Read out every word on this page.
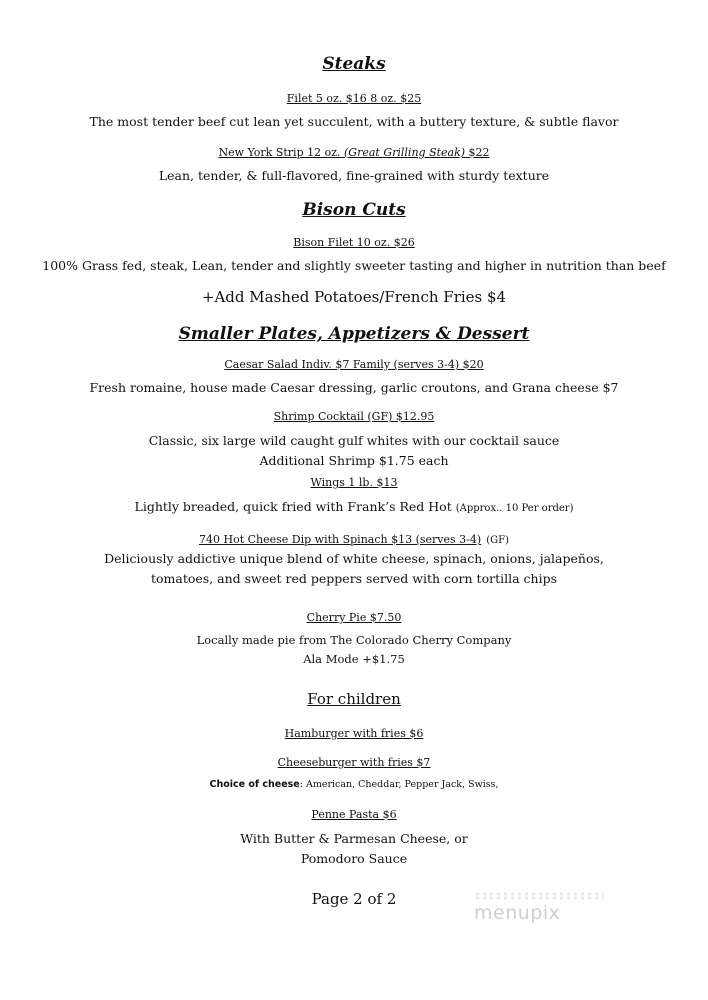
Steaks
Filet 5 oz. $16 8 oz. $25
The most tender beef cut lean yet succulent, with a buttery texture, & subtle flavor
New York Strip 12 oz. (Great Grilling Steak) $22
Lean, tender, & full-flavored, fine-grained with sturdy texture
Bison Cuts
Bison Filet 10 oz. $26
100% Grass fed, steak, Lean, tender and slightly sweeter tasting and higher in nutrition than beef
+Add Mashed Potatoes/French Fries $4
Smaller Plates, Appetizers & Dessert
Caesar Salad Indiv. $7 Family (serves 3-4) $20
Fresh romaine, house made Caesar dressing, garlic croutons, and Grana cheese $7
Shrimp Cocktail (GF) $12.95
Classic, six large wild caught gulf whites with our cocktail sauce
Additional Shrimp $1.75 each
Wings 1 lb. $13
Lightly breaded, quick fried with Frank’s Red Hot (Approx.. 10 Per order)
740 Hot Cheese Dip with Spinach $13 (serves 3-4) (GF)
Deliciously addictive unique blend of white cheese, spinach, onions, jalapeños,
tomatoes, and sweet red peppers served with corn tortilla chips
Cherry Pie $7.50
Locally made pie from The Colorado Cherry Company
Ala Mode +$1.75
For children
Hamburger with fries $6
Cheeseburger with fries $7
Choice of cheese: American, Cheddar, Pepper Jack, Swiss,
Penne Pasta $6
With Butter & Parmesan Cheese, or
Pomodoro Sauce
Page 2 of 2
menupix
